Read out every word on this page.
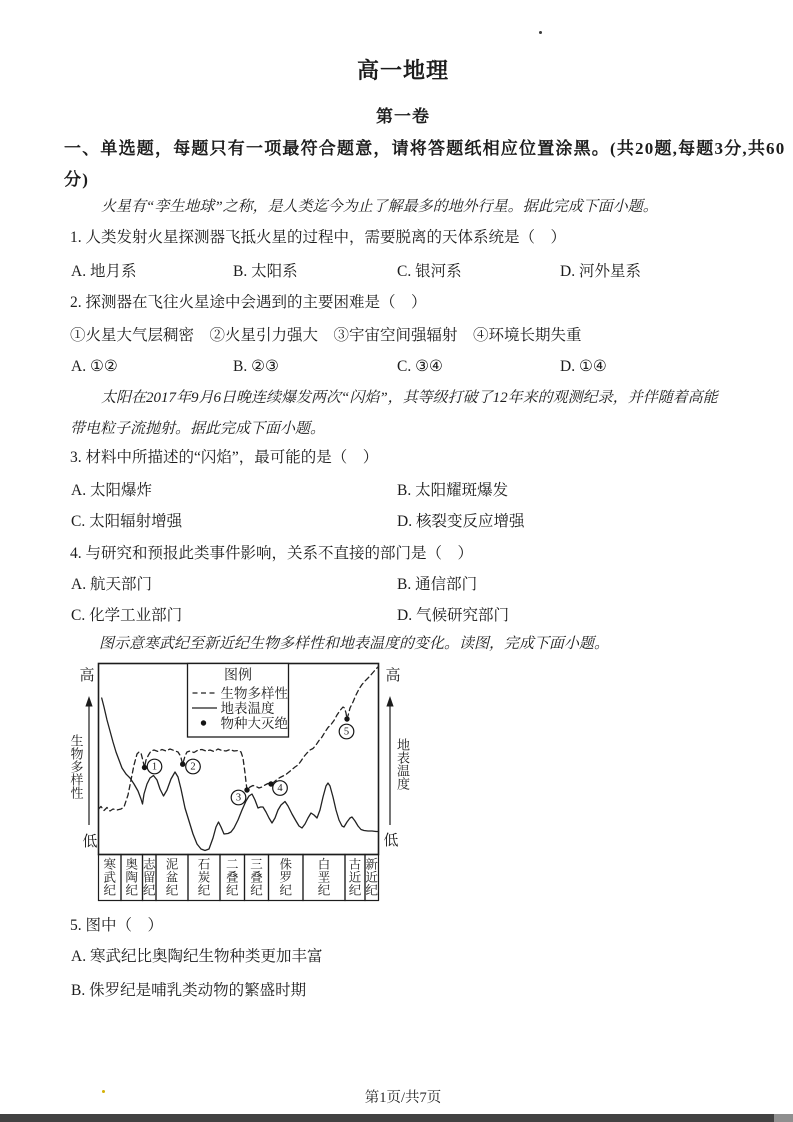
高一地理
第一卷
一、单选题，每题只有一项最符合题意，请将答题纸相应位置涂黑。(共20题,每题3分,共60
分)
火星有“孪生地球”之称，是人类迄今为止了解最多的地外行星。据此完成下面小题。
1. 人类发射火星探测器飞抵火星的过程中，需要脱离的天体系统是（　）
A. 地月系	B. 太阳系	C. 银河系	D. 河外星系
2. 探测器在飞往火星途中会遇到的主要困难是（　）
①火星大气层稠密　②火星引力强大　③宇宙空间强辐射　④环境长期失重
A. ①②	B. ②③	C. ③④	D. ①④
太阳在2017年9月6日晚连续爆发两次“闪焰”，其等级打破了12年来的观测纪录，并伴随着高能
带电粒子流抛射。据此完成下面小题。
3. 材料中所描述的“闪焰”，最可能的是（　）
A. 太阳爆炸	B. 太阳耀斑爆发
C. 太阳辐射增强	D. 核裂变反应增强
4. 与研究和预报此类事件影响，关系不直接的部门是（　）
A. 航天部门	B. 通信部门
C. 化学工业部门	D. 气候研究部门
图示意寒武纪至新近纪生物多样性和地表温度的变化。读图，完成下面小题。
寒
武
纪
奥
陶
纪
志
留
纪
泥
盆
纪
石
炭
纪
二
叠
纪
三
叠
纪
侏
罗
纪
白
垩
纪
古
近
纪
新
近
纪
1	2
3
4
5
图例
生物多样性
地表温度
物种大灭绝
高
低
生
物
多
样
性
高
低
地
表
温
度
5. 图中（　）
A. 寒武纪比奥陶纪生物种类更加丰富
B. 侏罗纪是哺乳类动物的繁盛时期
第1页/共7页
